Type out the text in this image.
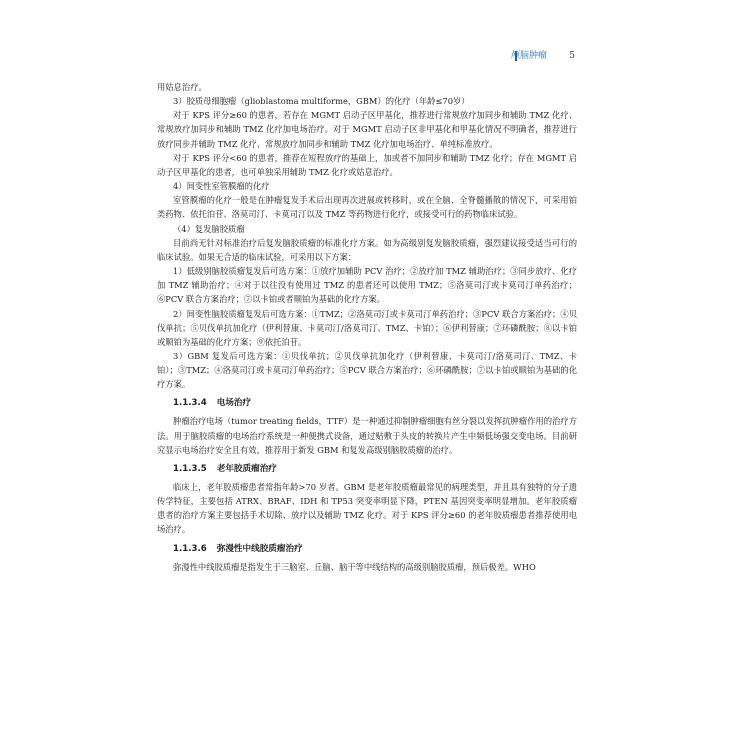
颅脑肿瘤 5

用姑息治疗。

3）胶质母细胞瘤（glioblastoma multiforme，GBM）的化疗（年龄≤70岁）

对于 KPS 评分≥60 的患者，若存在 MGMT 启动子区甲基化，推荐进行常规放疗加同步和辅助 TMZ 化疗、常规放疗加同步和辅助 TMZ 化疗加电场治疗。对于 MGMT 启动子区非甲基化和甲基化情况不明确者，推荐进行放疗同步并辅助 TMZ 化疗、常规放疗加同步和辅助 TMZ 化疗加电场治疗、单纯标准放疗。

对于 KPS 评分<60 的患者，推荐在短程放疗的基础上，加或者不加同步和辅助 TMZ 化疗；存在 MGMT 启动子区甲基化的患者，也可单独采用辅助 TMZ 化疗或姑息治疗。

4）间变性室管膜瘤的化疗

室管膜瘤的化疗一般是在肿瘤复发手术后出现再次进展或转移时，或在全脑、全脊髓播散的情况下，可采用铂类药物、依托泊苷、洛莫司汀、卡莫司汀以及 TMZ 等药物进行化疗，或接受可行的药物临床试验。

（4）复发脑胶质瘤

目前尚无针对标准治疗后复发脑胶质瘤的标准化疗方案。如为高级别复发脑胶质瘤，强烈建议接受适当可行的临床试验。如果无合适的临床试验，可采用以下方案：

1）低级别脑胶质瘤复发后可选方案：①放疗加辅助 PCV 治疗；②放疗加 TMZ 辅助治疗；③同步放疗、化疗加 TMZ 辅助治疗；④对于以往没有使用过 TMZ 的患者还可以使用 TMZ；⑤洛莫司汀或卡莫司汀单药治疗；⑥PCV 联合方案治疗；⑦以卡铂或者顺铂为基础的化疗方案。

2）间变性脑胶质瘤复发后可选方案：①TMZ；②洛莫司汀或卡莫司汀单药治疗；③PCV 联合方案治疗；④贝伐单抗；⑤贝伐单抗加化疗（伊利替康、卡莫司汀/洛莫司汀、TMZ、卡铂）；⑥伊利替康；⑦环磷酰胺；⑧以卡铂或顺铂为基础的化疗方案；⑨依托泊苷。

3）GBM 复发后可选方案：①贝伐单抗；②贝伐单抗加化疗（伊利替康、卡莫司汀/洛莫司汀、TMZ、卡铂）；③TMZ；④洛莫司汀或卡莫司汀单药治疗；⑤PCV 联合方案治疗；⑥环磷酰胺；⑦以卡铂或顺铂为基础的化疗方案。

1.1.3.4 电场治疗

肿瘤治疗电场（tumor treating fields，TTF）是一种通过抑制肿瘤细胞有丝分裂以发挥抗肿瘤作用的治疗方法。用于脑胶质瘤的电场治疗系统是一种便携式设备，通过贴敷于头皮的转换片产生中频低场强交变电场。目前研究显示电场治疗安全且有效，推荐用于新发 GBM 和复发高级别脑胶质瘤的治疗。

1.1.3.5 老年胶质瘤治疗

临床上，老年胶质瘤患者常指年龄>70 岁者。GBM 是老年胶质瘤最常见的病理类型，并且具有独特的分子遗传学特征，主要包括 ATRX、BRAF、IDH 和 TP53 突变率明显下降，PTEN 基因突变率明显增加。老年胶质瘤患者的治疗方案主要包括手术切除、放疗以及辅助 TMZ 化疗。对于 KPS 评分≥60 的老年胶质瘤患者推荐使用电场治疗。

1.1.3.6 弥漫性中线胶质瘤治疗

弥漫性中线胶质瘤是指发生于三脑室、丘脑、脑干等中线结构的高级别脑胶质瘤，预后极差。WHO
